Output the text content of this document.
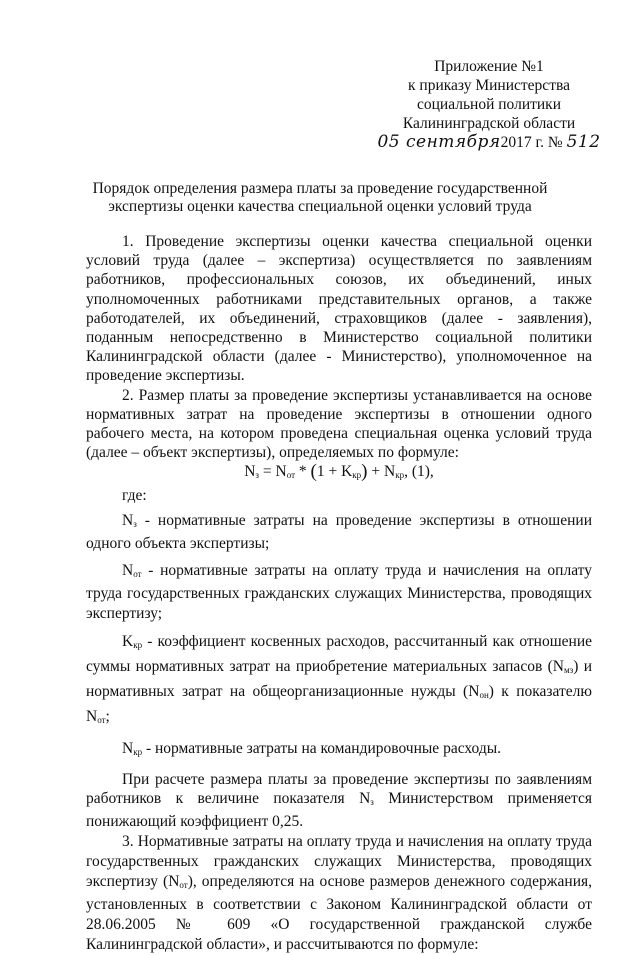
Приложение №1
к приказу Министерства
социальной политики
Калининградской области
05 сентября2017 г. № 512
Порядок определения размера платы за проведение государственной
экспертизы оценки качества специальной оценки условий труда

1. Проведение экспертизы оценки качества специальной оценки условий труда (далее – экспертиза) осуществляется по заявлениям работников, профессиональных союзов, их объединений, иных уполномоченных работниками представительных органов, а также работодателей, их объединений, страховщиков (далее - заявления), поданным непосредственно в Министерство социальной политики Калининградской области (далее - Министерство), уполномоченное на проведение экспертизы.

2. Размер платы за проведение экспертизы устанавливается на основе нормативных затрат на проведение экспертизы в отношении одного рабочего места, на котором проведена специальная оценка условий труда (далее – объект экспертизы), определяемых по формуле:

$N_з = N_{от} * (1 + K_{кр}) + N_{кр}$, (1),

где:

$N_з$ - нормативные затраты на проведение экспертизы в отношении одного объекта экспертизы;

$N_{от}$ - нормативные затраты на оплату труда и начисления на оплату труда государственных гражданских служащих Министерства, проводящих экспертизу;

$K_{кр}$ - коэффициент косвенных расходов, рассчитанный как отношение суммы нормативных затрат на приобретение материальных запасов $(N_{мз})$ и нормативных затрат на общеорганизационные нужды $(N_{он})$ к показателю $N_{от}$;

$N_{кр}$ - нормативные затраты на командировочные расходы.

При расчете размера платы за проведение экспертизы по заявлениям работников к величине показателя $N_з$ Министерством применяется понижающий коэффициент 0,25.

3. Нормативные затраты на оплату труда и начисления на оплату труда государственных гражданских служащих Министерства, проводящих экспертизу $(N_{от})$, определяются на основе размеров денежного содержания, установленных в соответствии с Законом Калининградской области от 28.06.2005 № 609 «О государственной гражданской службе Калининградской области», и рассчитываются по формуле:
